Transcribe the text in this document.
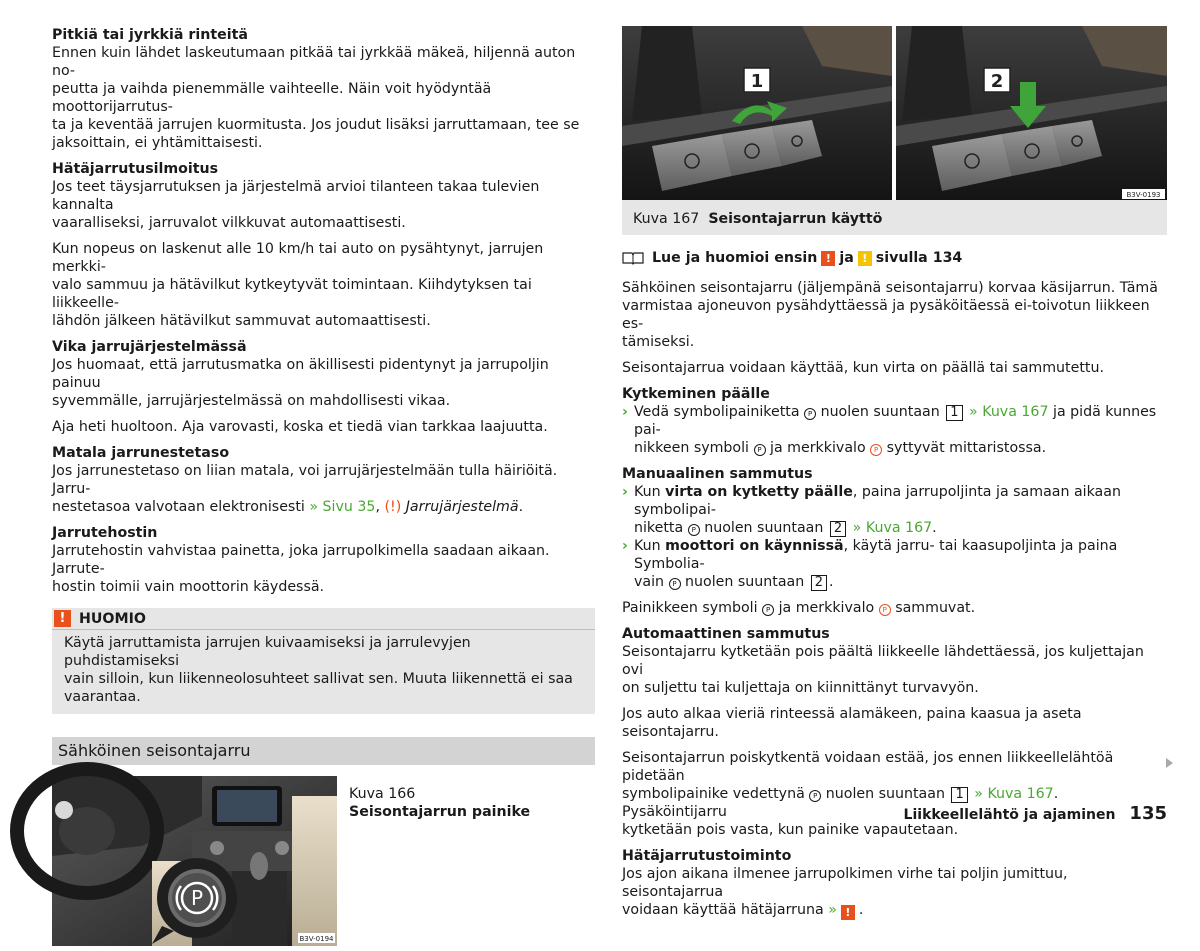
Pitkiä tai jyrkkiä rinteitä

Ennen kuin lähdet laskeutumaan pitkää tai jyrkkää mäkeä, hiljennä auton no-

peutta ja vaihda pienemmälle vaihteelle. Näin voit hyödyntää moottorijarrutus-

ta ja keventää jarrujen kuormitusta. Jos joudut lisäksi jarruttamaan, tee se

jaksoittain, ei yhtämittaisesti.

Hätäjarrutusilmoitus

Jos teet täysjarrutuksen ja järjestelmä arvioi tilanteen takaa tulevien kannalta

vaaralliseksi, jarruvalot vilkkuvat automaattisesti.

Kun nopeus on laskenut alle 10 km/h tai auto on pysähtynyt, jarrujen merkki-

valo sammuu ja hätävilkut kytkeytyvät toimintaan. Kiihdytyksen tai liikkeelle-

lähdön jälkeen hätävilkut sammuvat automaattisesti.

Vika jarrujärjestelmässä

Jos huomaat, että jarrutusmatka on äkillisesti pidentynyt ja jarrupoljin painuu

syvemmälle, jarrujärjestelmässä on mahdollisesti vikaa.

Aja heti huoltoon. Aja varovasti, koska et tiedä vian tarkkaa laajuutta.

Matala jarrunestetaso

Jos jarrunestetaso on liian matala, voi jarrujärjestelmään tulla häiriöitä. Jarru-

nestetasoa valvotaan elektronisesti » Sivu 35, (!) Jarrujärjestelmä.

Jarrutehostin

Jarrutehostin vahvistaa painetta, joka jarrupolkimella saadaan aikaan. Jarrute-

hostin toimii vain moottorin käydessä.

! HUOMIO

Käytä jarruttamista jarrujen kuivaamiseksi ja jarrulevyjen puhdistamiseksi

vain silloin, kun liikenneolosuhteet sallivat sen. Muuta liikennettä ei saa

vaarantaa.

Sähköinen seisontajarru
P
B3V-0194

Kuva 166

Seisontajarrun painike

1	2
B3V-0193
Kuva 167 Seisontajarrun käyttö
Lue ja huomioi ensin ! ja ! sivulla 134

Sähköinen seisontajarru (jäljempänä seisontajarru) korvaa käsijarrun. Tämä

varmistaa ajoneuvon pysähdyttäessä ja pysäköitäessä ei-toivotun liikkeen es-

tämiseksi.

Seisontajarrua voidaan käyttää, kun virta on päällä tai sammutettu.

Kytkeminen päälle
› Vedä symbolipainiketta P nuolen suuntaan 1 » Kuva 167 ja pidä kunnes pai-
nikkeen symboli P ja merkkivalo P syttyvät mittaristossa.
Manuaalinen sammutus
› Kun virta on kytketty päälle, paina jarrupoljinta ja samaan aikaan symbolipai-
niketta P nuolen suuntaan 2 » Kuva 167.
› Kun moottori on käynnissä, käytä jarru- tai kaasupoljinta ja paina Symbolia-
vain P nuolen suuntaan 2 .

Painikkeen symboli P ja merkkivalo P sammuvat.

Automaattinen sammutus

Seisontajarru kytketään pois päältä liikkeelle lähdettäessä, jos kuljettajan ovi

on suljettu tai kuljettaja on kiinnittänyt turvavyön.

Jos auto alkaa vieriä rinteessä alamäkeen, paina kaasua ja aseta seisontajarru.

Seisontajarrun poiskytkentä voidaan estää, jos ennen liikkeellelähtöä pidetään

symbolipainike vedettynä P nuolen suuntaan 1 » Kuva 167. Pysäköintijarru

kytketään pois vasta, kun painike vapautetaan.

Hätäjarrutustoiminto

Jos ajon aikana ilmenee jarrupolkimen virhe tai poljin jumittuu, seisontajarrua

voidaan käyttää hätäjarruna » ! .

Liikkeellelähtö ja ajaminen 135
